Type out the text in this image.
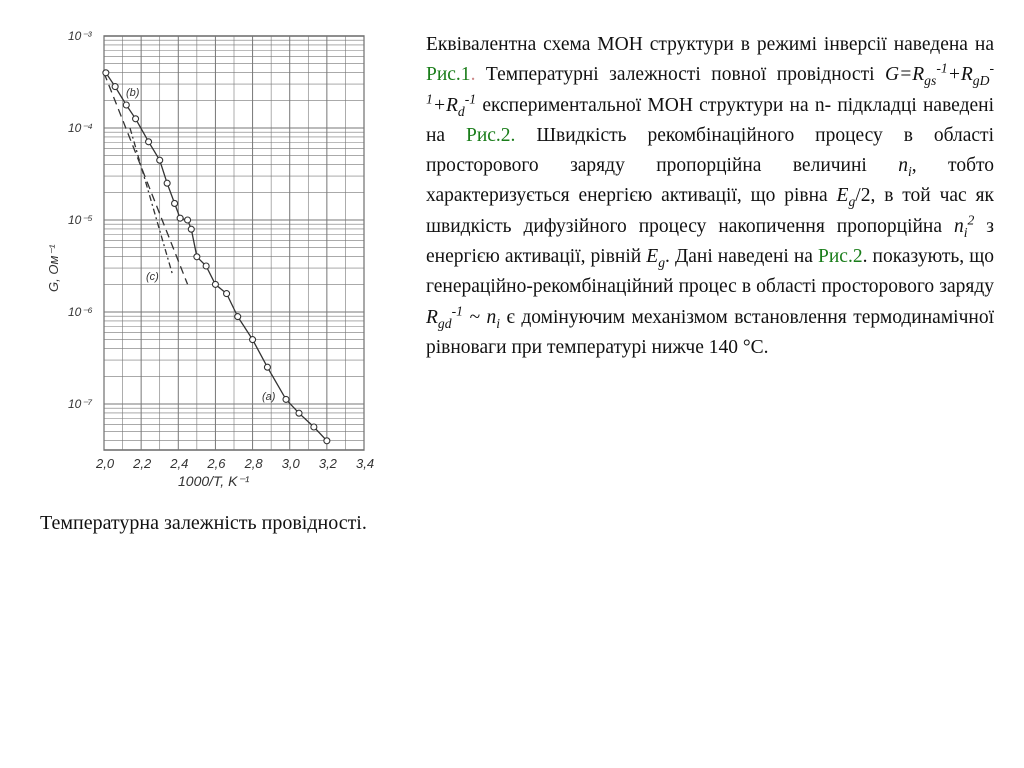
10⁻³
10⁻⁴
10⁻⁵
10⁻⁶
10⁻⁷
2,0 2,2 2,4 2,6 2,8 3,0 3,2 3,4
(b)
(c)
(a)
G, Ом⁻¹
1000/T, K⁻¹
Еквівалентна схема МОН структури в режимі інверсії наведена на Рис.1. Температурні залежності повної провідності $G=R_{gs}^{-1}+R_{gD}^{-1}+R_d^{-1}$ експериментальної МОН структури на n- підкладці наведені на Рис.2. Швидкість рекомбінаційного процесу в області просторового заряду пропорційна величині $n_i$, тобто характеризується енергією активації, що рівна $E_g/2$, в той час як швидкість дифузійного процесу накопичення пропорційна $n_i^2$ з енергією активації, рівній $E_g$. Дані наведені на Рис.2. показують, що генераційно-рекомбінаційний процес в області просторового заряду $R_{gd}^{-1}$ ~ $n_i$ є домінуючим механізмом встановлення термодинамічної рівноваги при температурі нижче 140 °С.
Температурна залежність провідності.
